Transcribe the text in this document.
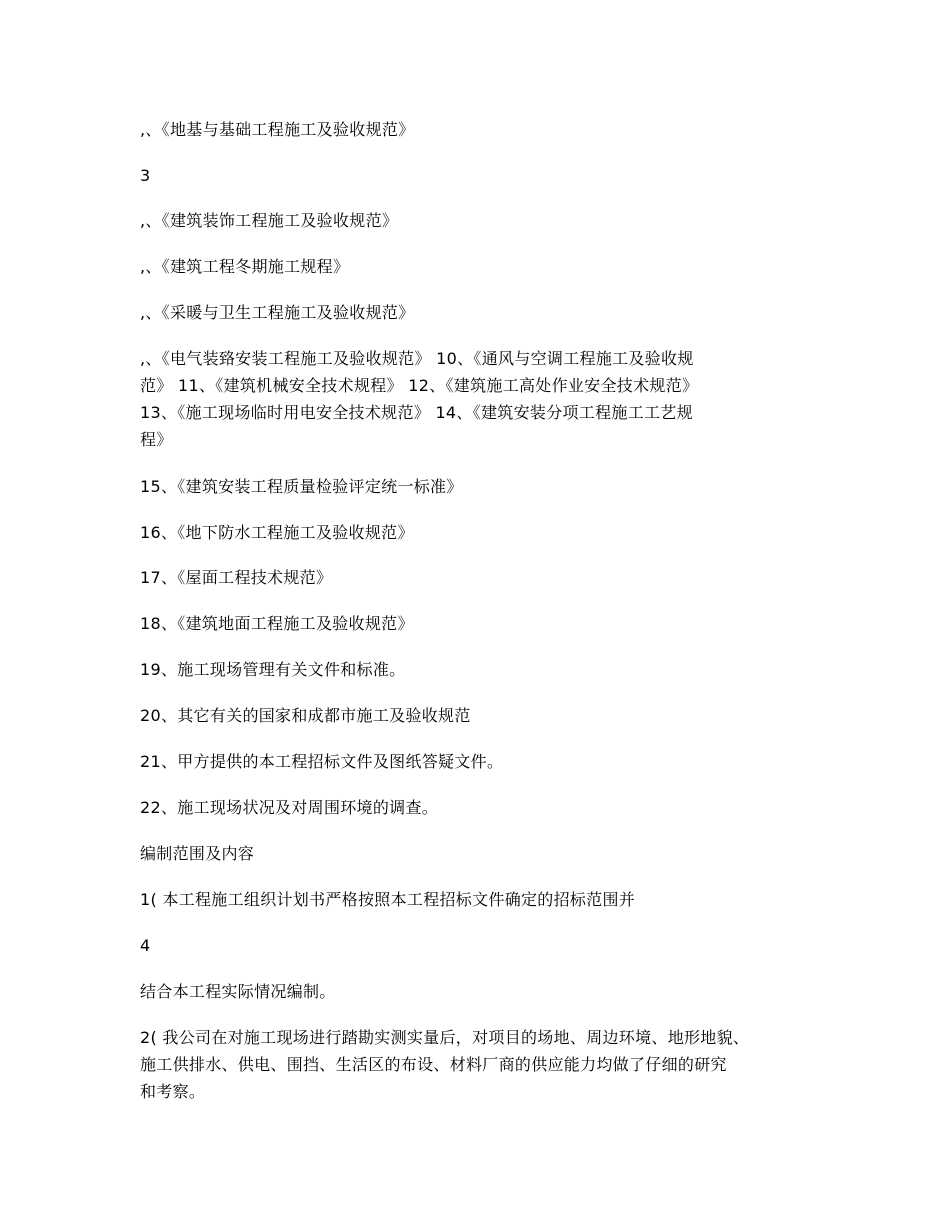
,、《地基与基础工程施工及验收规范》
3
,、《建筑装饰工程施工及验收规范》
,、《建筑工程冬期施工规程》
,、《采暖与卫生工程施工及验收规范》
,、《电气装臵安装工程施工及验收规范》 10、《通风与空调工程施工及验收规
范》 11、《建筑机械安全技术规程》 12、《建筑施工高处作业安全技术规范》
13、《施工现场临时用电安全技术规范》 14、《建筑安装分项工程施工工艺规
程》
15、《建筑安装工程质量检验评定统一标准》
16、《地下防水工程施工及验收规范》
17、《屋面工程技术规范》
18、《建筑地面工程施工及验收规范》
19、施工现场管理有关文件和标准。
20、其它有关的国家和成都市施工及验收规范
21、甲方提供的本工程招标文件及图纸答疑文件。
22、施工现场状况及对周围环境的调查。
编制范围及内容
1( 本工程施工组织计划书严格按照本工程招标文件确定的招标范围并
4
结合本工程实际情况编制。
2( 我公司在对施工现场进行踏勘实测实量后，对项目的场地、周边环境、地形地貌、
施工供排水、供电、围挡、生活区的布设、材料厂商的供应能力均做了仔细的研究
和考察。
